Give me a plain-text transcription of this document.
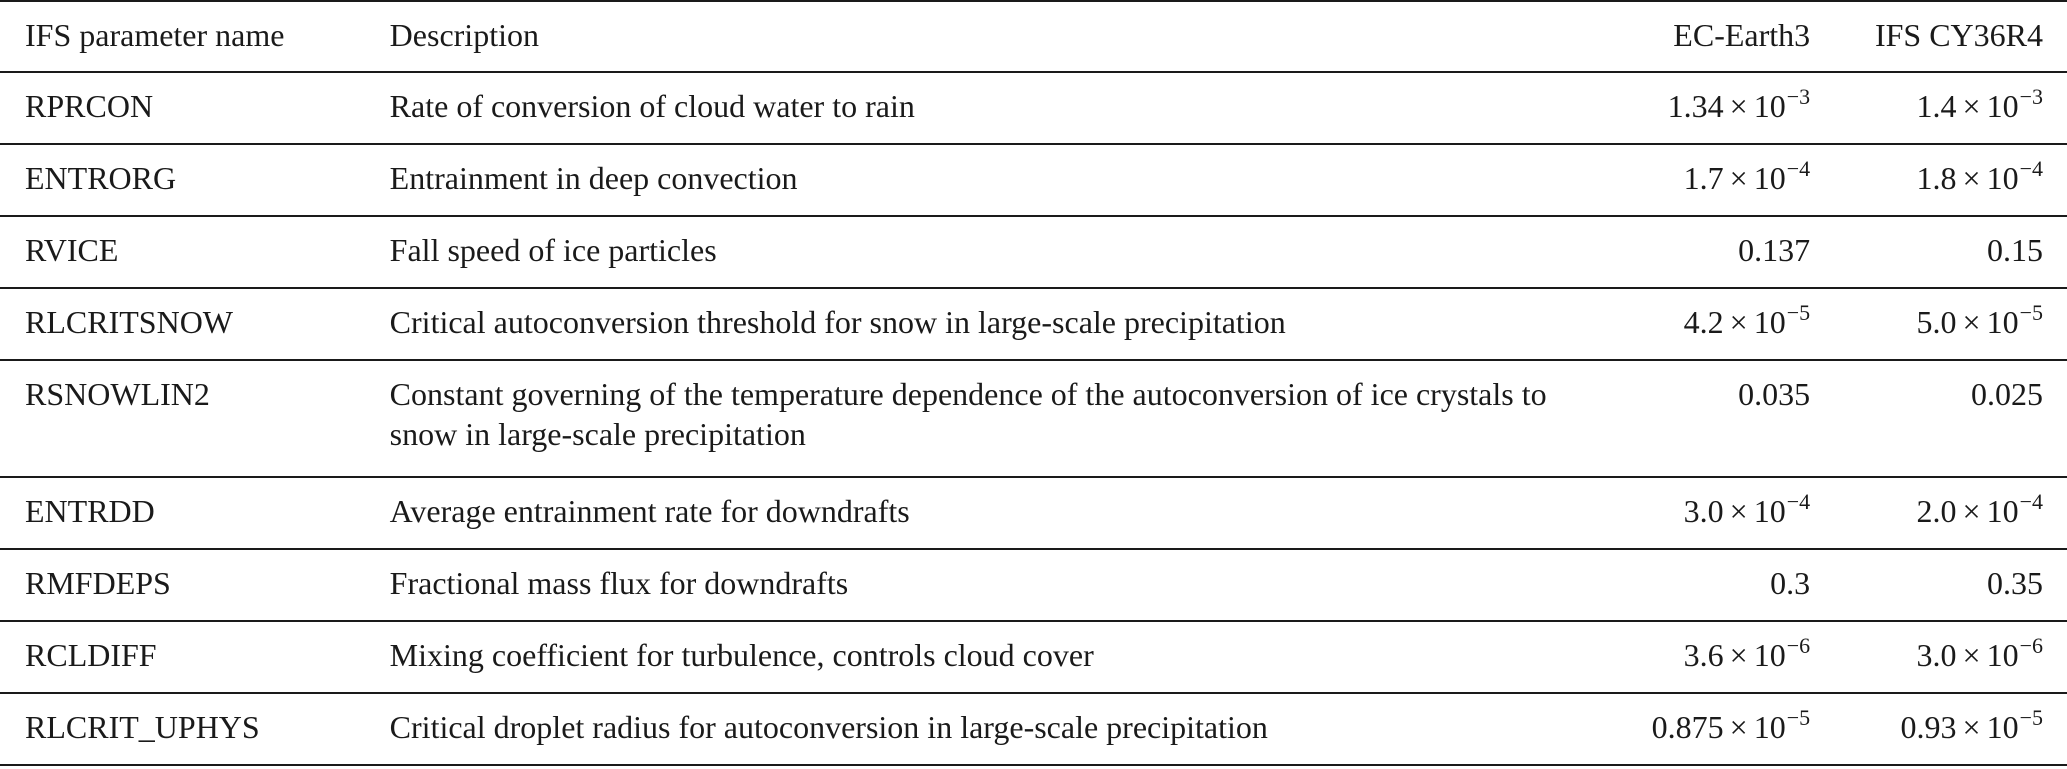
IFS parameter name	Description	EC-Earth3	IFS CY36R4
RPRCON	Rate of conversion of cloud water to rain	$1.34 \times 10^{-3}$	$1.4 \times 10^{-3}$
ENTRORG	Entrainment in deep convection	$1.7 \times 10^{-4}$	$1.8 \times 10^{-4}$
RVICE	Fall speed of ice particles	0.137	0.15
RLCRITSNOW	Critical autoconversion threshold for snow in large-scale precipitation	$4.2 \times 10^{-5}$	$5.0 \times 10^{-5}$
RSNOWLIN2	Constant governing of the temperature dependence of the autoconversion of ice crystals to snow in large-scale precipitation	0.035	0.025
ENTRDD	Average entrainment rate for downdrafts	$3.0 \times 10^{-4}$	$2.0 \times 10^{-4}$
RMFDEPS	Fractional mass flux for downdrafts	0.3	0.35
RCLDIFF	Mixing coefficient for turbulence, controls cloud cover	$3.6 \times 10^{-6}$	$3.0 \times 10^{-6}$
RLCRIT_UPHYS	Critical droplet radius for autoconversion in large-scale precipitation	$0.875 \times 10^{-5}$	$0.93 \times 10^{-5}$
